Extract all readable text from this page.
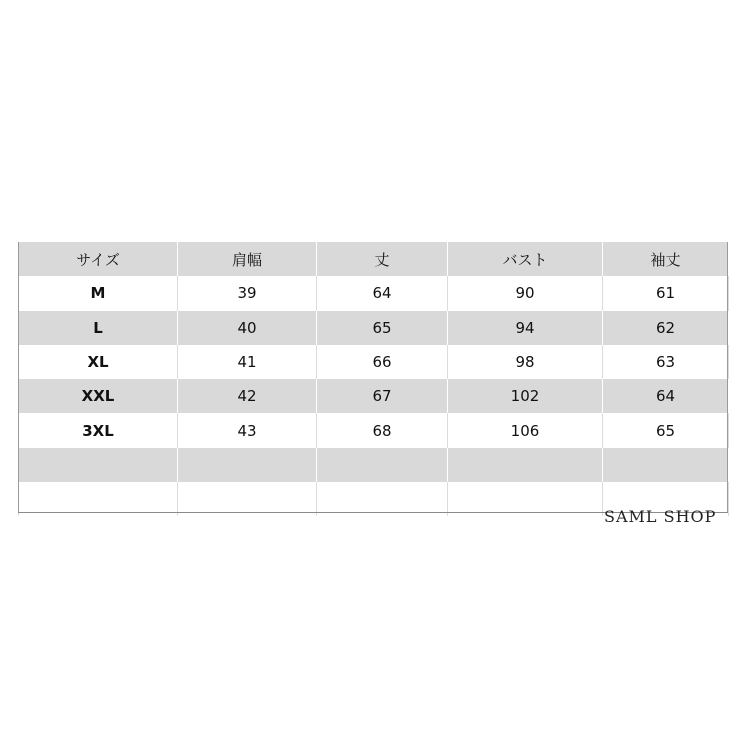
サイズ	肩幅	丈	バスト	袖丈
M	39	64	90	61
L	40	65	94	62
XL	41	66	98	63
XXL	42	67	102	64
3XL	43	68	106	65

SAML SHOP
